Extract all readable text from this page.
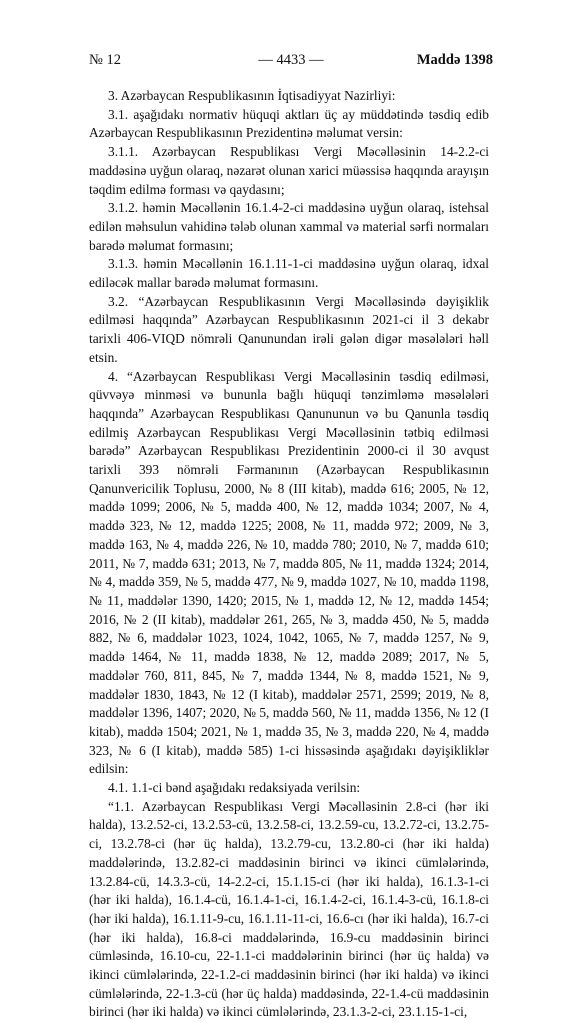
№ 12	— 4433 —	Maddə 1398

3. Azərbaycan Respublikasının İqtisadiyyat Nazirliyi:

3.1. aşağıdakı normativ hüquqi aktları üç ay müddətində təsdiq edib Azərbaycan Respublikasının Prezidentinə məlumat versin:

3.1.1. Azərbaycan Respublikası Vergi Məcəlləsinin 14-2.2-ci maddəsinə uyğun olaraq, nəzarət olunan xarici müəssisə haqqında arayışın təqdim edilmə forması və qaydasını;

3.1.2. həmin Məcəllənin 16.1.4-2-ci maddəsinə uyğun olaraq, istehsal edilən məhsulun vahidinə tələb olunan xammal və material sərfi normaları barədə məlumat formasını;

3.1.3. həmin Məcəllənin 16.1.11-1-ci maddəsinə uyğun olaraq, idxal ediləcək mallar barədə məlumat formasını.

3.2. “Azərbaycan Respublikasının Vergi Məcəlləsində dəyişiklik edilməsi haqqında” Azərbaycan Respublikasının 2021-ci il 3 dekabr tarixli 406-VIQD nömrəli Qanunundan irəli gələn digər məsələləri həll etsin.

4. “Azərbaycan Respublikası Vergi Məcəlləsinin təsdiq edilməsi, qüvvəyə minməsi və bununla bağlı hüquqi tənzimləmə məsələləri haqqında” Azərbaycan Respublikası Qanununun və bu Qanunla təsdiq edilmiş Azərbaycan Respublikası Vergi Məcəlləsinin tətbiq edilməsi barədə” Azərbaycan Respublikası Prezidentinin 2000-ci il 30 avqust tarixli 393 nömrəli Fərmanının (Azərbaycan Respublikasının Qanunvericilik Toplusu, 2000, № 8 (III kitab), maddə 616; 2005, № 12, maddə 1099; 2006, № 5, maddə 400, № 12, maddə 1034; 2007, № 4, maddə 323, № 12, maddə 1225; 2008, № 11, maddə 972; 2009, № 3, maddə 163, № 4, maddə 226, № 10, maddə 780; 2010, № 7, maddə 610; 2011, № 7, maddə 631; 2013, № 7, maddə 805, № 11, maddə 1324; 2014, № 4, maddə 359, № 5, maddə 477, № 9, maddə 1027, № 10, maddə 1198, № 11, maddələr 1390, 1420; 2015, № 1, maddə 12, № 12, maddə 1454; 2016, № 2 (II kitab), maddələr 261, 265, № 3, maddə 450, № 5, maddə 882, № 6, maddələr 1023, 1024, 1042, 1065, № 7, maddə 1257, № 9, maddə 1464, № 11, maddə 1838, № 12, maddə 2089; 2017, № 5, maddələr 760, 811, 845, № 7, maddə 1344, № 8, maddə 1521, № 9, maddələr 1830, 1843, № 12 (I kitab), maddələr 2571, 2599; 2019, № 8, maddələr 1396, 1407; 2020, № 5, maddə 560, № 11, maddə 1356, № 12 (I kitab), maddə 1504; 2021, № 1, maddə 35, № 3, maddə 220, № 4, maddə 323, № 6 (I kitab), maddə 585) 1-ci hissəsində aşağıdakı dəyişikliklər edilsin:

4.1. 1.1-ci bənd aşağıdakı redaksiyada verilsin:

“1.1. Azərbaycan Respublikası Vergi Məcəlləsinin 2.8-ci (hər iki halda), 13.2.52-ci, 13.2.53-cü, 13.2.58-ci, 13.2.59-cu, 13.2.72-ci, 13.2.75-ci, 13.2.78-ci (hər üç halda), 13.2.79-cu, 13.2.80-ci (hər iki halda) maddələrində, 13.2.82-ci maddəsinin birinci və ikinci cümlələrində, 13.2.84-cü, 14.3.3-cü, 14-2.2-ci, 15.1.15-ci (hər iki halda), 16.1.3-1-ci (hər iki halda), 16.1.4-cü, 16.1.4-1-ci, 16.1.4-2-ci, 16.1.4-3-cü, 16.1.8-ci (hər iki halda), 16.1.11-9-cu, 16.1.11-11-ci, 16.6-cı (hər iki halda), 16.7-ci (hər iki halda), 16.8-ci maddələrində, 16.9-cu maddəsinin birinci cümləsində, 16.10-cu, 22-1.1-ci maddələrinin birinci (hər üç halda) və ikinci cümlələrində, 22-1.2-ci maddəsinin birinci (hər iki halda) və ikinci cümlələrində, 22-1.3-cü (hər üç halda) maddəsində, 22-1.4-cü maddəsinin birinci (hər iki halda) və ikinci cümlələrində, 23.1.3-2-ci, 23.1.15-1-ci,
